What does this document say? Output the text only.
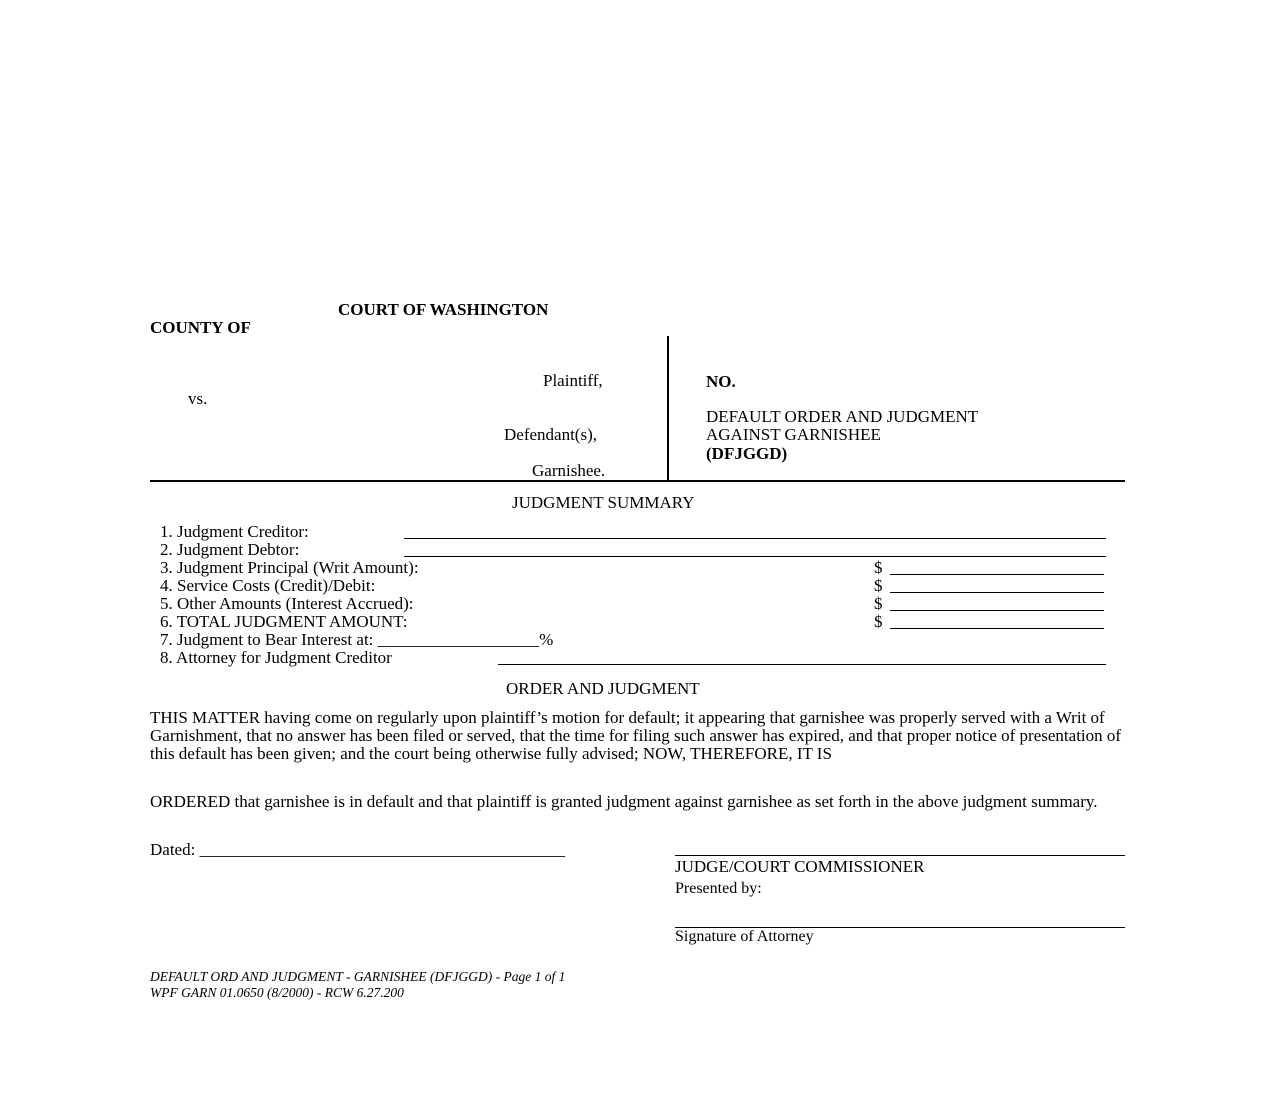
COURT OF WASHINGTON
COUNTY OF
Plaintiff,
vs.
Defendant(s),
Garnishee.
NO.
DEFAULT ORDER AND JUDGMENT
AGAINST GARNISHEE
(DFJGGD)
JUDGMENT SUMMARY
1. Judgment Creditor:
2. Judgment Debtor:
3. Judgment Principal (Writ Amount):	$
4. Service Costs (Credit)/Debit:	$
5. Other Amounts (Interest Accrued):	$
6. TOTAL JUDGMENT AMOUNT:	$
7. Judgment to Bear Interest at: ___________________%
8. Attorney for Judgment Creditor
ORDER AND JUDGMENT
THIS MATTER having come on regularly upon plaintiff’s motion for default; it appearing that garnishee was properly served with a Writ of Garnishment, that no answer has been filed or served, that the time for filing such answer has expired, and that proper notice of presentation of this default has been given; and the court being otherwise fully advised; NOW, THEREFORE, IT IS
ORDERED that garnishee is in default and that plaintiff is granted judgment against garnishee as set forth in the above judgment summary.
Dated: ___________________________________________
JUDGE/COURT COMMISSIONER
Presented by:
Signature of Attorney
DEFAULT ORD AND JUDGMENT - GARNISHEE (DFJGGD) - Page 1 of 1
WPF GARN 01.0650 (8/2000) - RCW 6.27.200
